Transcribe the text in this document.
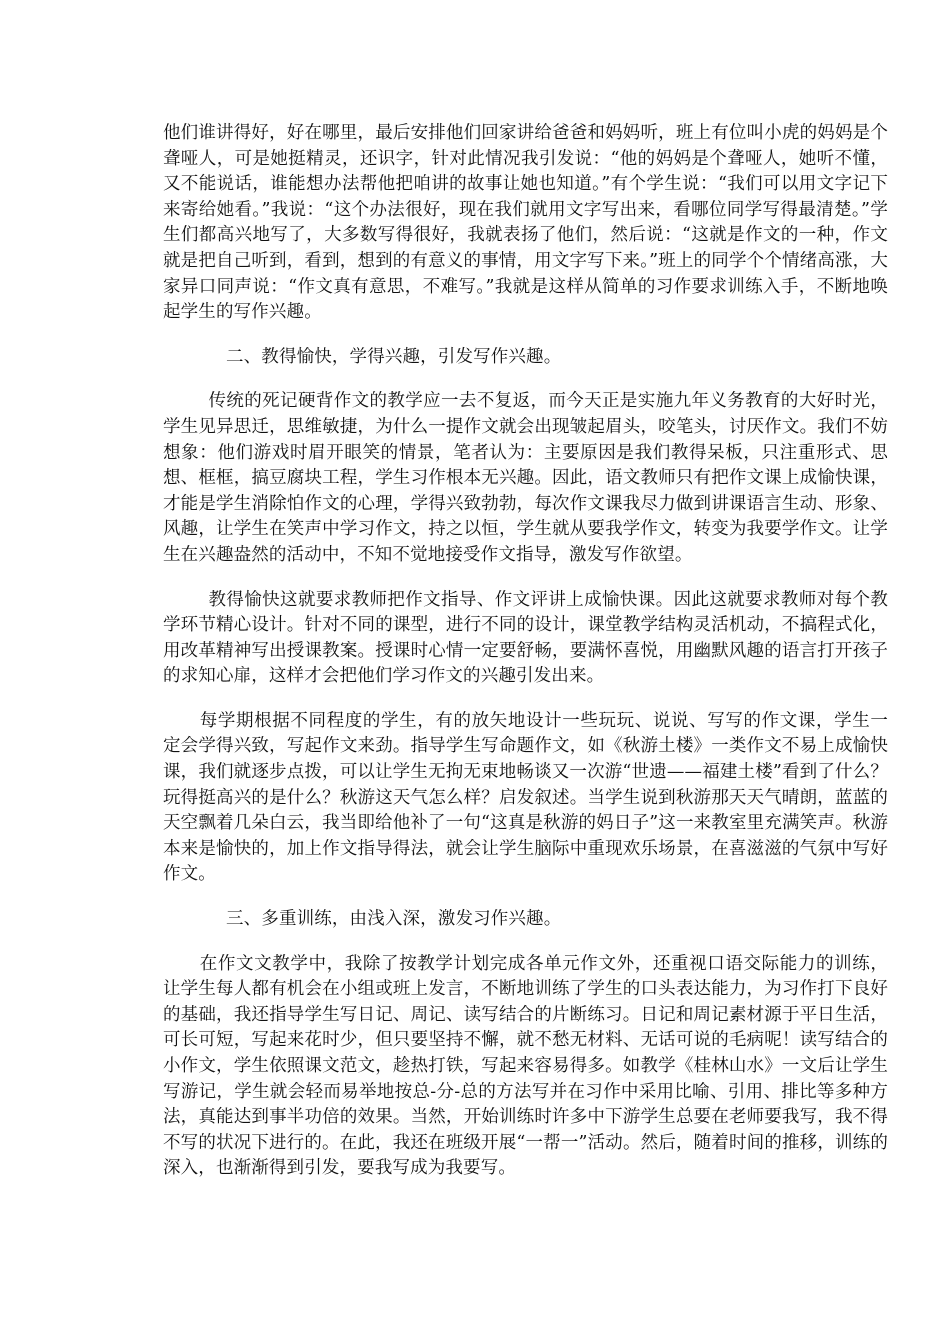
他们谁讲得好，好在哪里，最后安排他们回家讲给爸爸和妈妈听，班上有位叫小虎的妈妈是个聋哑人，可是她挺精灵，还识字，针对此情况我引发说：“他的妈妈是个聋哑人，她听不懂，又不能说话，谁能想办法帮他把咱讲的故事让她也知道。”有个学生说：“我们可以用文字记下来寄给她看。”我说：“这个办法很好，现在我们就用文字写出来，看哪位同学写得最清楚。”学生们都高兴地写了，大多数写得很好，我就表扬了他们，然后说：“这就是作文的一种，作文就是把自己听到，看到，想到的有意义的事情，用文字写下来。”班上的同学个个情绪高涨，大家异口同声说：“作文真有意思，不难写。”我就是这样从简单的习作要求训练入手，不断地唤起学生的写作兴趣。

二、教得愉快，学得兴趣，引发写作兴趣。

传统的死记硬背作文的教学应一去不复返，而今天正是实施九年义务教育的大好时光，学生见异思迁，思维敏捷，为什么一提作文就会出现皱起眉头，咬笔头，讨厌作文。我们不妨想象：他们游戏时眉开眼笑的情景，笔者认为：主要原因是我们教得呆板，只注重形式、思想、框框，搞豆腐块工程，学生习作根本无兴趣。因此，语文教师只有把作文课上成愉快课，才能是学生消除怕作文的心理，学得兴致勃勃，每次作文课我尽力做到讲课语言生动、形象、风趣，让学生在笑声中学习作文，持之以恒，学生就从要我学作文，转变为我要学作文。让学生在兴趣盎然的活动中，不知不觉地接受作文指导，激发写作欲望。

教得愉快这就要求教师把作文指导、作文评讲上成愉快课。因此这就要求教师对每个教学环节精心设计。针对不同的课型，进行不同的设计，课堂教学结构灵活机动，不搞程式化，用改革精神写出授课教案。授课时心情一定要舒畅，要满怀喜悦，用幽默风趣的语言打开孩子的求知心扉，这样才会把他们学习作文的兴趣引发出来。

每学期根据不同程度的学生，有的放矢地设计一些玩玩、说说、写写的作文课，学生一定会学得兴致，写起作文来劲。指导学生写命题作文，如《秋游土楼》一类作文不易上成愉快课，我们就逐步点拨，可以让学生无拘无束地畅谈又一次游“世遗——福建土楼”看到了什么？玩得挺高兴的是什么？秋游这天气怎么样？启发叙述。当学生说到秋游那天天气晴朗，蓝蓝的天空飘着几朵白云，我当即给他补了一句“这真是秋游的妈日子”这一来教室里充满笑声。秋游本来是愉快的，加上作文指导得法，就会让学生脑际中重现欢乐场景，在喜滋滋的气氛中写好作文。

三、多重训练，由浅入深，激发习作兴趣。

在作文文教学中，我除了按教学计划完成各单元作文外，还重视口语交际能力的训练，让学生每人都有机会在小组或班上发言，不断地训练了学生的口头表达能力，为习作打下良好的基础，我还指导学生写日记、周记、读写结合的片断练习。日记和周记素材源于平日生活，可长可短，写起来花时少，但只要坚持不懈，就不愁无材料、无话可说的毛病呢！读写结合的小作文，学生依照课文范文，趁热打铁，写起来容易得多。如教学《桂林山水》一文后让学生写游记，学生就会轻而易举地按总-分-总的方法写并在习作中采用比喻、引用、排比等多种方法，真能达到事半功倍的效果。当然，开始训练时许多中下游学生总要在老师要我写，我不得不写的状况下进行的。在此，我还在班级开展“一帮一”活动。然后，随着时间的推移，训练的深入，也渐渐得到引发，要我写成为我要写。
